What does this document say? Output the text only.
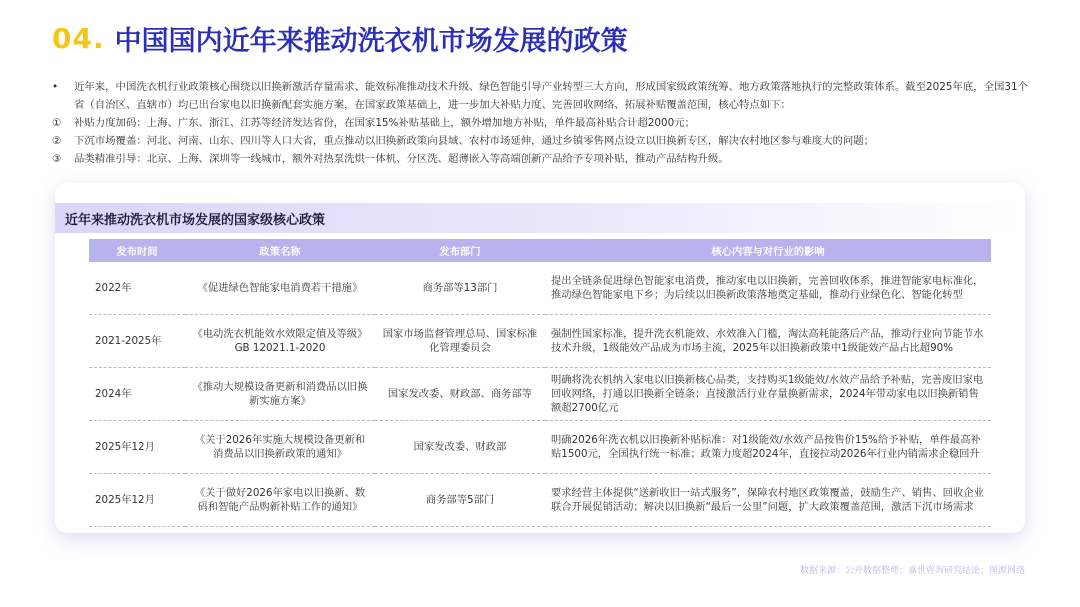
04. 中国国内近年来推动洗衣机市场发展的政策
•	近年来，中国洗衣机行业政策核心围绕以旧换新激活存量需求、能效标准推动技术升级、绿色智能引导产业转型三大方向，形成国家级政策统筹、地方政策落地执行的完整政策体系。截至2025年底，全国31个省（自治区、直辖市）均已出台家电以旧换新配套实施方案，在国家政策基础上，进一步加大补贴力度、完善回收网络、拓展补贴覆盖范围，核心特点如下：
①	补贴力度加码：上海、广东、浙江、江苏等经济发达省份，在国家15%补贴基础上，额外增加地方补贴，单件最高补贴合计超2000元；
②	下沉市场覆盖：河北、河南、山东、四川等人口大省，重点推动以旧换新政策向县域、农村市场延伸，通过乡镇零售网点设立以旧换新专区，解决农村地区参与难度大的问题；
③	品类精准引导：北京、上海、深圳等一线城市，额外对热泵洗烘一体机、分区洗、超薄嵌入等高端创新产品给予专项补贴，推动产品结构升级。
近年来推动洗衣机市场发展的国家级核心政策
发布时间	政策名称	发布部门	核心内容与对行业的影响
2022年	《促进绿色智能家电消费若干措施》	商务部等13部门	提出全链条促进绿色智能家电消费，推动家电以旧换新，完善回收体系，推进智能家电标准化，推动绿色智能家电下乡；为后续以旧换新政策落地奠定基础，推动行业绿色化、智能化转型
2021-2025年	《电动洗衣机能效水效限定值及等级》GB 12021.1-2020	国家市场监督管理总局、国家标准化管理委员会	强制性国家标准，提升洗衣机能效、水效准入门槛，淘汰高耗能落后产品，推动行业向节能节水技术升级，1级能效产品成为市场主流，2025年以旧换新政策中1级能效产品占比超90%
2024年	《推动大规模设备更新和消费品以旧换新实施方案》	国家发改委、财政部、商务部等	明确将洗衣机纳入家电以旧换新核心品类，支持购买1级能效/水效产品给予补贴，完善废旧家电回收网络，打通以旧换新全链条；直接激活行业存量换新需求，2024年带动家电以旧换新销售额超2700亿元
2025年12月	《关于2026年实施大规模设备更新和消费品以旧换新政策的通知》	国家发改委、财政部	明确2026年洗衣机以旧换新补贴标准：对1级能效/水效产品按售价15%给予补贴，单件最高补贴1500元，全国执行统一标准；政策力度超2024年，直接拉动2026年行业内销需求企稳回升
2025年12月	《关于做好2026年家电以旧换新、数码和智能产品购新补贴工作的通知》	商务部等5部门	要求经营主体提供“送新收旧一站式服务”，保障农村地区政策覆盖，鼓励生产、销售、回收企业联合开展促销活动；解决以旧换新“最后一公里”问题，扩大政策覆盖范围，激活下沉市场需求
数据来源：公开数据整理；嘉世咨询研究结论；图源网络
